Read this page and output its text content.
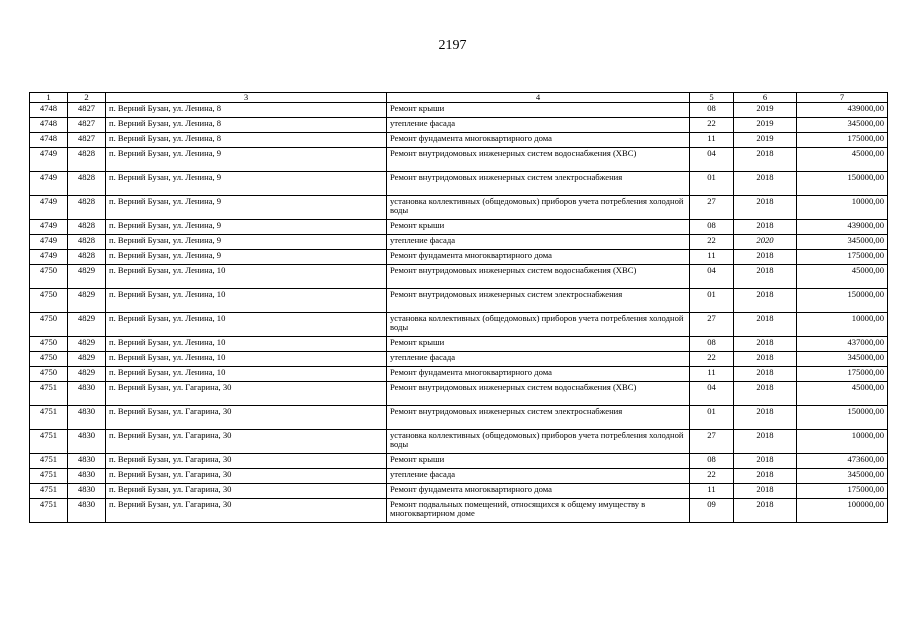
2197
1	2	3	4	5	6	7
4748	4827	п. Верний Бузан, ул. Ленина, 8	Ремонт крыши	08	2019	439000,00
4748	4827	п. Верний Бузан, ул. Ленина, 8	утепление фасада	22	2019	345000,00
4748	4827	п. Верний Бузан, ул. Ленина, 8	Ремонт фундамента многоквартирного дома	11	2019	175000,00
4749	4828	п. Верний Бузан, ул. Ленина, 9	Ремонт внутридомовых инженерных систем водоснабжения (ХВС)	04	2018	45000,00
4749	4828	п. Верний Бузан, ул. Ленина, 9	Ремонт внутридомовых инженерных систем электроснабжения	01	2018	150000,00
4749	4828	п. Верний Бузан, ул. Ленина, 9	установка коллективных (общедомовых) приборов учета потребления холодной воды	27	2018	10000,00
4749	4828	п. Верний Бузан, ул. Ленина, 9	Ремонт крыши	08	2018	439000,00
4749	4828	п. Верний Бузан, ул. Ленина, 9	утепление фасада	22	2020	345000,00
4749	4828	п. Верний Бузан, ул. Ленина, 9	Ремонт фундамента многоквартирного дома	11	2018	175000,00
4750	4829	п. Верний Бузан, ул. Ленина, 10	Ремонт внутридомовых инженерных систем водоснабжения (ХВС)	04	2018	45000,00
4750	4829	п. Верний Бузан, ул. Ленина, 10	Ремонт внутридомовых инженерных систем электроснабжения	01	2018	150000,00
4750	4829	п. Верний Бузан, ул. Ленина, 10	установка коллективных (общедомовых) приборов учета потребления холодной воды	27	2018	10000,00
4750	4829	п. Верний Бузан, ул. Ленина, 10	Ремонт крыши	08	2018	437000,00
4750	4829	п. Верний Бузан, ул. Ленина, 10	утепление фасада	22	2018	345000,00
4750	4829	п. Верний Бузан, ул. Ленина, 10	Ремонт фундамента многоквартирного дома	11	2018	175000,00
4751	4830	п. Верний Бузан, ул. Гагарина, 30	Ремонт внутридомовых инженерных систем водоснабжения (ХВС)	04	2018	45000,00
4751	4830	п. Верний Бузан, ул. Гагарина, 30	Ремонт внутридомовых инженерных систем электроснабжения	01	2018	150000,00
4751	4830	п. Верний Бузан, ул. Гагарина, 30	установка коллективных (общедомовых) приборов учета потребления холодной воды	27	2018	10000,00
4751	4830	п. Верний Бузан, ул. Гагарина, 30	Ремонт крыши	08	2018	473600,00
4751	4830	п. Верний Бузан, ул. Гагарина, 30	утепление фасада	22	2018	345000,00
4751	4830	п. Верний Бузан, ул. Гагарина, 30	Ремонт фундамента многоквартирного дома	11	2018	175000,00
4751	4830	п. Верний Бузан, ул. Гагарина, 30	Ремонт подвальных помещений, относящихся к общему имуществу в многоквартирном доме	09	2018	100000,00
